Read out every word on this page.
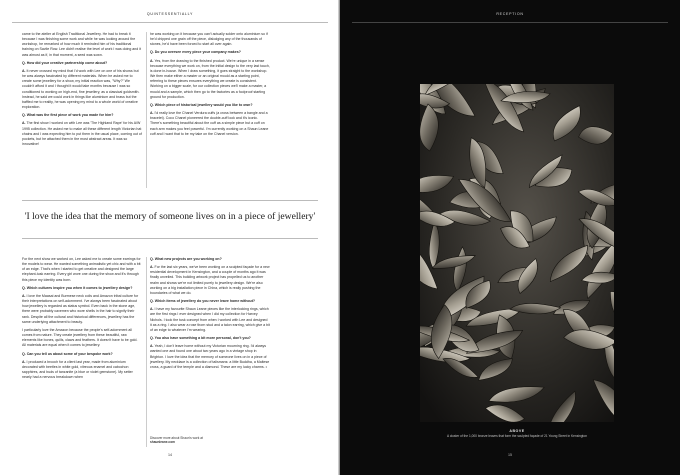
QUINTESSENTIALLY

came to the atelier at English Traditional Jewellery. He had to break it because I was finishing some work and while he was looking around the workshop, he remarked of how much it reminded him of his traditional training on Savile Row. Lee didn't realise the level of work I was doing and it was almost as if, in that moment, a seed was sown.

Q. How did your creative partnership come about?

A. It never crossed my mind that I'd work with Lee on one of his shows but he was always fascinated by different materials. When he asked me to create some jewellery for a show, my initial reaction was, "Why?" We couldn't afford it and I thought it would take months because I was so conditioned to working on high-end, fine jewellery, as a classical goldsmith. Instead, he said we could work in things like aluminium and brass but the baffled me to reality, he was opening my mind to a whole world of creative exploration.

Q. What was the first piece of work you made for him?

A. The first show I worked on with Lee was 'The Highland Rape' for his A/W 1995 collection. He asked me to make all these different length Victorian hat chains and I was expecting him to put them in the usual place, coming out of pockets, but he attached them in the most abstract areas. It was so innovative!

he was working on it because you can't actually solder onto aluminium so if he'd chipped one grain off the piece, dislodging any of the thousands of stones, he'd have been forced to start all over again.

Q. Do you oversee every piece your company makes?

A. Yes, from the drawing to the finished product. We're unique in a sense because everything we work on, from the initial design to the very last touch, is done in-house. When I draw something, it goes straight to the workshop. We then make either a master or an original mould as a starting point, referring to these pieces ensures everything we create is consistent. Working on a bigger scale, for our collection pieces we'll make a master, a mould and a sample, which then go to the factories as a foolproof starting ground for production.

Q. Which piece of historical jewellery would you like to own?

A. I'd really love the Chanel Verdura cuffs (a cross between a bangle and a bracelet). Coco Chanel pioneered the double-cuff look and it's iconic. There's something beautiful about the cuff as a simple piece but a cuff on each arm makes you feel powerful. I'm currently working on a Shaun Leane cuff and I want that to be my take on the Chanel version.

'I love the idea that the memory of someone lives on in a piece of jewellery'

For the next show we worked on, Lee asked me to create some earrings for the models to wear. He wanted something animalistic yet chic and with a bit of an edge. That's when I started to get creative and designed the large elephant-tusk earring. Every girl wore one during the show and it's through this piece my identity was born.

Q. Which cultures inspire you when it comes to jewellery design?

A. I love the Maasai and Burmese neck coils and Amazon tribal culture for their interpretations on self-adornment. I've always been fascinated about how jewellery is regarded as status symbol. Even back in the stone age, there were probably cavemen who wore shells in the hair to signify their rank. Despite all the cultural and historical differences, jewellery has the same underlying attachment to beauty.

I particularly love the Amazon because the people's self-adornment all comes from nature. They create jewellery from these beautiful, raw elements like bones, quills, claws and feathers. It doesn't have to be gold. All materials are equal when it comes to jewellery.

Q. Can you tell us about some of your bespoke work?

A. I produced a brooch for a client last year, made from aluminium decorated with beetles in white gold, vitreous enamel and cabochon sapphires, and buds of tanzanite (a blue or violet gemstone). My setter nearly had a nervous breakdown when

Q. What new projects are you working on?

A. For the last six years, we've been working on a sculpted façade for a new residential development in Kensington, and a couple of months ago it was finally unveiled. This building artwork project has propelled us to another realm and shows we're not limited purely to jewellery design. We're also working on a big installation piece in China, which is really pushing the boundaries of what we do.

Q. Which items of jewellery do you never leave home without?

A. I have my favourite Shaun Leane pieces like the interlocking rings, which are the first rings I ever designed when I did my collection for Harvey Nichols. I took the tusk concept from when I worked with Lee and designed it as a ring. I also wear a rose thorn stud and a talon earring, which give a bit of an edge to whatever I'm wearing.

Q. You also have something a bit more personal, don't you?

A. Yeah, I don't leave home without my Victorian mourning ring. I'd always wanted one and found one about two years ago in a vintage shop in Brighton. I love the idea that the memory of someone lives on in a piece of jewellery. My necklace is a collection of talismans: a little Buddha, a Maltese cross, a guard of the temple and a diamond. These are my lucky charms. •

Discover more about Shaun's work at
shaunleane.com
14
RECEPTION
ABOVE
A cluster of the 1,000 bronze leaves that form the sculpted façade of 21 Young Street in Kensington
15
